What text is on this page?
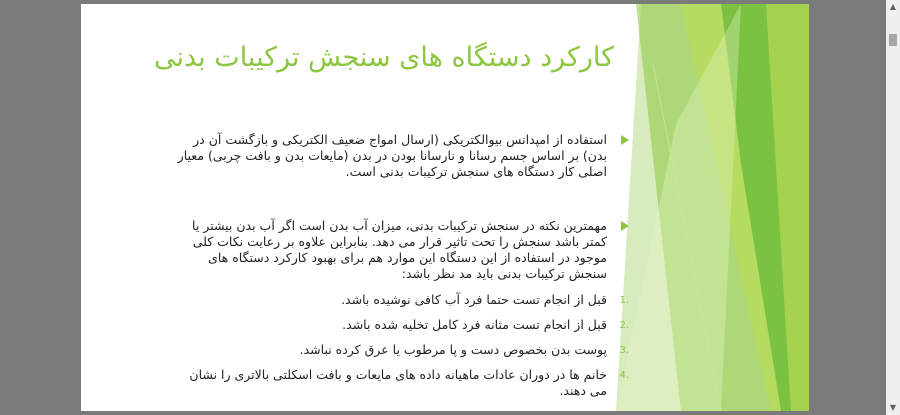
کارکرد دستگاه های سنجش ترکیبات بدنی
استفاده از امپدانس بیوالکتریکی (ارسال امواج ضعیف الکتریکی و بازگشت آن در بدن) بر اساس جسم رسانا و نارسانا بودن در بدن (مایعات بدن و بافت چربی) معیار اصلی کار دستگاه های سنجش ترکیبات بدنی است.
مهمترین نکته در سنجش ترکیبات بدنی، میزان آب بدن است اگر آب بدن بیشتر یا کمتر باشد سنجش را تحت تاثیر قرار می دهد. بنابراین علاوه بر رعایت نکات کلی موجود در استفاده از این دستگاه این موارد هم برای بهبود کارکرد دستگاه های سنجش ترکیبات بدنی باید مد نظر باشد:
1.
قبل از انجام تست حتما فرد آب کافی نوشیده باشد.
2.
قبل از انجام تست مثانه فرد کامل تخلیه شده باشد.
3.
پوست بدن بخصوص دست و پا مرطوب یا عرق کرده نباشد.
4.
خانم ها در دوران عادات ماهیانه داده های مایعات و بافت اسکلتی بالاتری را نشان می دهند.
▲
▼
